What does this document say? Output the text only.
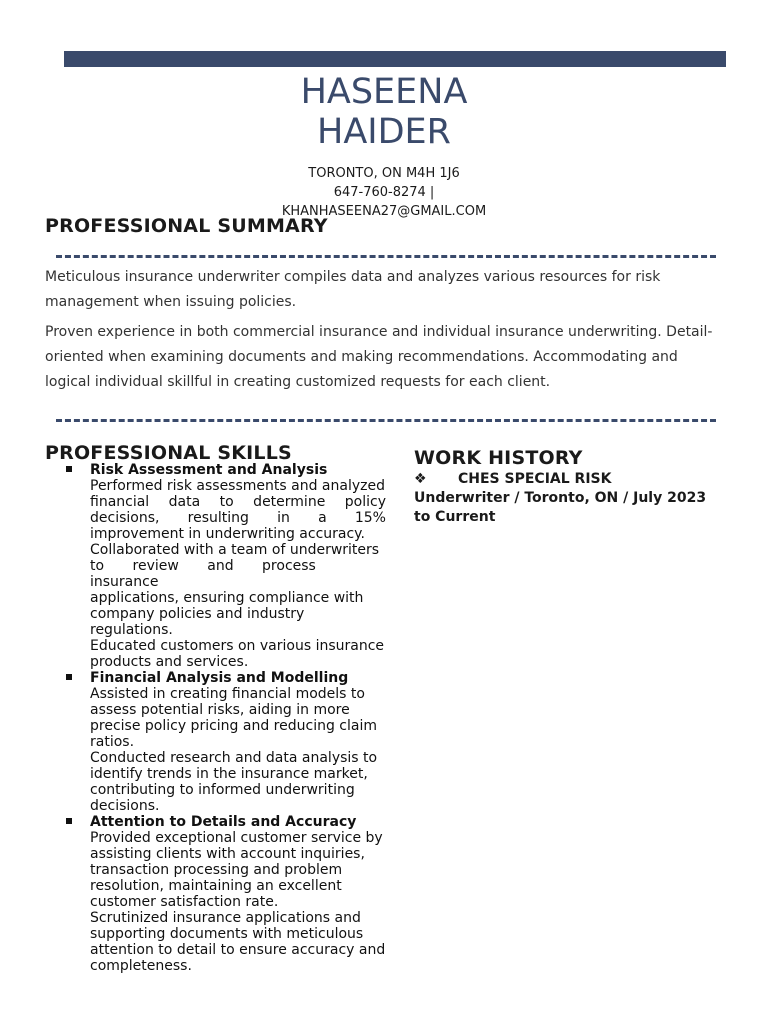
HASEENA
HAIDER
TORONTO, ON M4H 1J6
647-760-8274 |
KHANHASEENA27@GMAIL.COM
PROFESSIONAL SUMMARY

Meticulous insurance underwriter compiles data and analyzes various resources for risk management when issuing policies.

Proven experience in both commercial insurance and individual insurance underwriting. Detail-oriented when examining documents and making recommendations. Accommodating and logical individual skillful in creating customized requests for each client.

PROFESSIONAL SKILLS
Risk Assessment and Analysis
Performed risk assessments and analyzed
financial data to determine policy
decisions, resulting in a 15%
improvement in underwriting accuracy.
Collaborated with a team of underwriters
to review and process insurance
applications, ensuring compliance with
company policies and industry
regulations.
Educated customers on various insurance
products and services.
Financial Analysis and Modelling
Assisted in creating financial models to
assess potential risks, aiding in more
precise policy pricing and reducing claim
ratios.
Conducted research and data analysis to
identify trends in the insurance market,
contributing to informed underwriting
decisions.
Attention to Details and Accuracy
Provided exceptional customer service by
assisting clients with account inquiries,
transaction processing and problem
resolution, maintaining an excellent
customer satisfaction rate.
Scrutinized insurance applications and
supporting documents with meticulous
attention to detail to ensure accuracy and
completeness.
WORK HISTORY
❖ CHES SPECIAL RISK
Underwriter / Toronto, ON / July 2023
to Current
